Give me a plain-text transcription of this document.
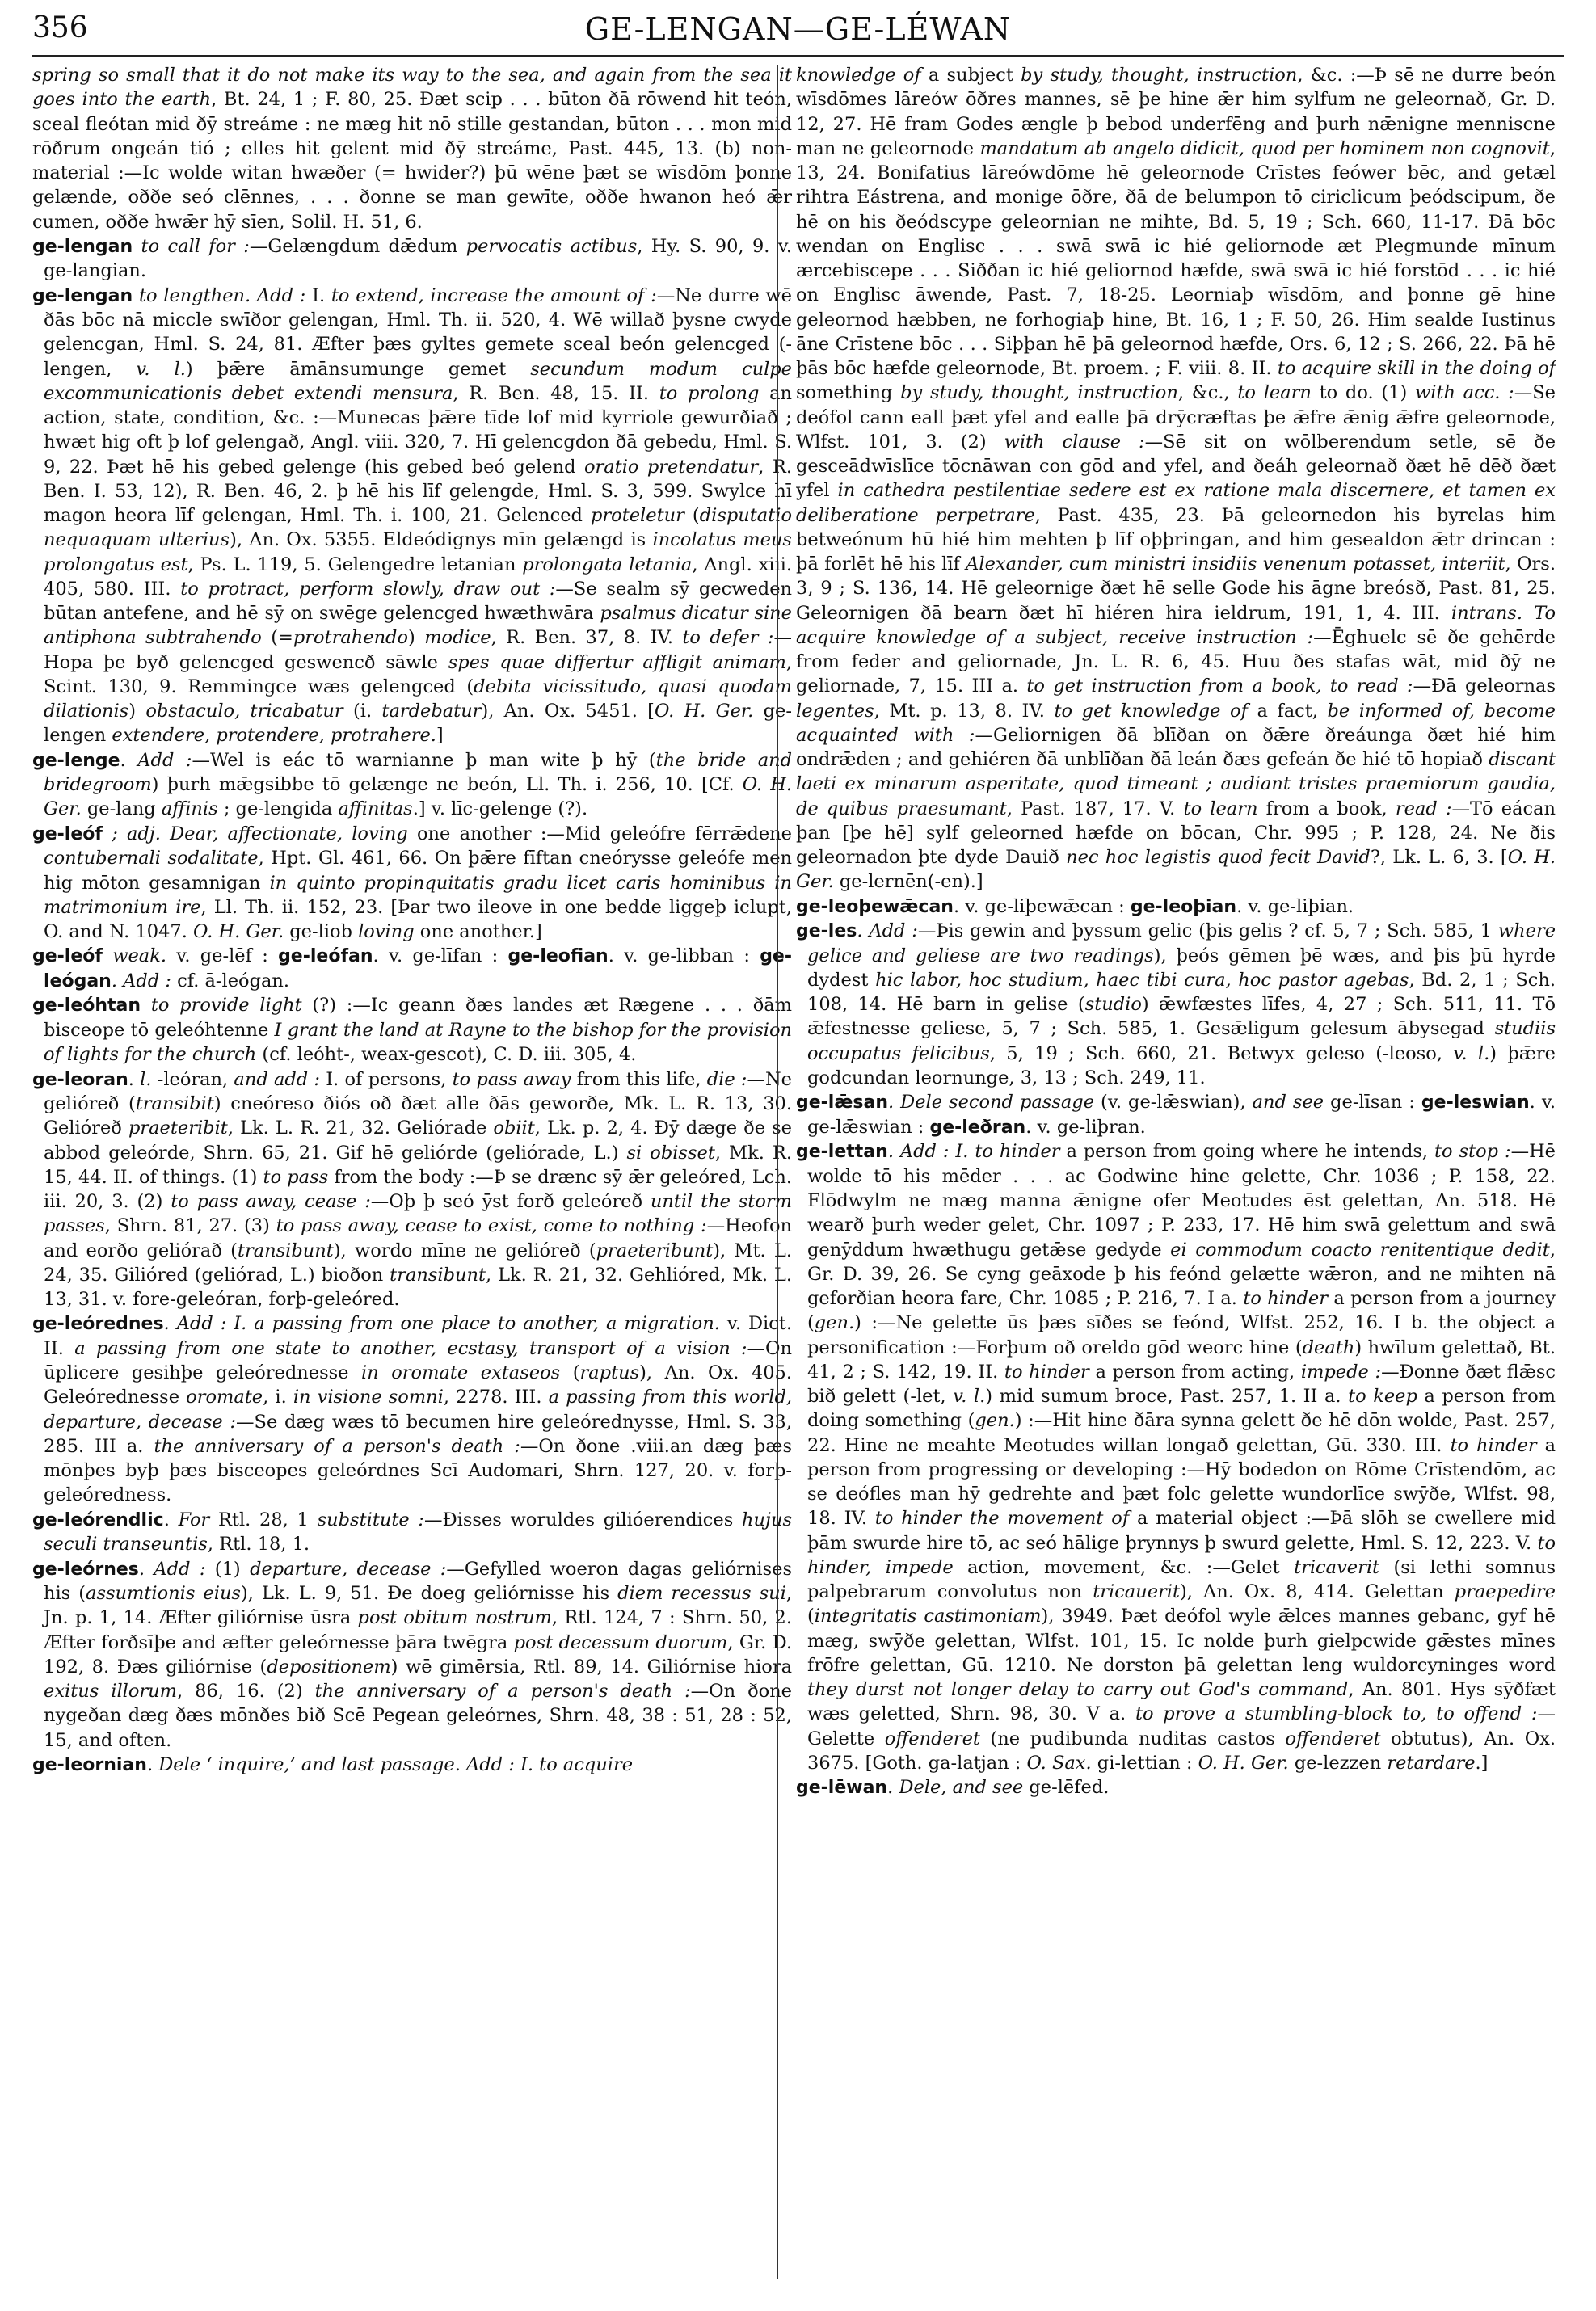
356	GE-LENGAN—GE-LÉWAN

spring so small that it do not make its way to the sea, and again from the sea it goes into the earth, Bt. 24, 1 ; F. 80, 25. Ðæt scip . . . būton ðā rōwend hit teón, sceal fleótan mid ðȳ streáme : ne mæg hit nō stille gestandan, būton . . . mon mid rōðrum ongeán tió ; elles hit gelent mid ðȳ streáme, Past. 445, 13. (b) non-material :—Ic wolde witan hwæðer (= hwider?) þū wēne þæt se wīsdōm þonne gelænde, oððe seó clēnnes, . . . ðonne se man gewīte, oððe hwanon heó ǣr cumen, oððe hwǣr hȳ sīen, Solil. H. 51, 6.

ge-lengan to call for :—Gelængdum dǣdum pervocatis actibus, Hy. S. 90, 9. v. ge-langian.

ge-lengan to lengthen. Add : I. to extend, increase the amount of :—Ne durre wē ðās bōc nā miccle swīðor gelengan, Hml. Th. ii. 520, 4. Wē willað þysne cwyde gelencgan, Hml. S. 24, 81. Æfter þæs gyltes gemete sceal beón gelencged (-lengen, v. l.) þǣre āmānsumunge gemet secundum modum culpe excommunicationis debet extendi mensura, R. Ben. 48, 15. II. to prolong an action, state, condition, &c. :—Munecas þǣre tīde lof mid kyrriole gewurðiað ; hwæt hig oft þ lof gelengað, Angl. viii. 320, 7. Hī gelencgdon ðā gebedu, Hml. S. 9, 22. Þæt hē his gebed gelenge (his gebed beó gelend oratio pretendatur, R. Ben. I. 53, 12), R. Ben. 46, 2. þ hē his līf gelengde, Hml. S. 3, 599. Swylce hī magon heora līf gelengan, Hml. Th. i. 100, 21. Gelenced proteletur (disputatio nequaquam ulterius), An. Ox. 5355. Eldeódignys mīn gelængd is incolatus meus prolongatus est, Ps. L. 119, 5. Gelengedre letanian prolongata letania, Angl. xiii. 405, 580. III. to protract, perform slowly, draw out :—Se sealm sȳ gecweden būtan antefene, and hē sȳ on swēge gelencged hwæthwāra psalmus dicatur sine antiphona subtrahendo (=protrahendo) modice, R. Ben. 37, 8. IV. to defer :—Hopa þe byð gelencged geswencð sāwle spes quae differtur affligit animam, Scint. 130, 9. Remmingce wæs gelengced (debita vicissitudo, quasi quodam dilationis) obstaculo, tricabatur (i. tardebatur), An. Ox. 5451. [O. H. Ger. ge-lengen extendere, protendere, protrahere.]

ge-lenge. Add :—Wel is eác tō warnianne þ man wite þ hȳ (the bride and bridegroom) þurh mǣgsibbe tō gelænge ne beón, Ll. Th. i. 256, 10. [Cf. O. H. Ger. ge-lang affinis ; ge-lengida affinitas.] v. līc-gelenge (?).

ge-leóf ; adj. Dear, affectionate, loving one another :—Mid geleófre fērrǣdene contubernali sodalitate, Hpt. Gl. 461, 66. On þǣre fīftan cneórysse geleófe men hig mōton gesamnigan in quinto propinquitatis gradu licet caris hominibus in matrimonium ire, Ll. Th. ii. 152, 23. [Þar two ileove in one bedde liggeþ iclupt, O. and N. 1047. O. H. Ger. ge-liob loving one another.]

ge-leóf weak. v. ge-lēf : ge-leófan. v. ge-līfan : ge-leofian. v. ge-libban : ge-leógan. Add : cf. ā-leógan.

ge-leóhtan to provide light (?) :—Ic geann ðæs landes æt Rægene . . . ðām bisceope tō geleóhtenne I grant the land at Rayne to the bishop for the provision of lights for the church (cf. leóht-, weax-gescot), C. D. iii. 305, 4.

ge-leoran. l. -leóran, and add : I. of persons, to pass away from this life, die :—Ne gelióreð (transibit) cneóreso ðiós oð ðæt alle ðās geworðe, Mk. L. R. 13, 30. Gelióreð praeteribit, Lk. L. R. 21, 32. Gelióradе obiit, Lk. p. 2, 4. Ðȳ dæge ðe se abbod geleórde, Shrn. 65, 21. Gif hē geliórde (gelióradе, L.) si obisset, Mk. R. 15, 44. II. of things. (1) to pass from the body :—Þ se drænc sȳ ǣr geleóred, Lch. iii. 20, 3. (2) to pass away, cease :—Oþ þ seó ȳst forð geleóreð until the storm passes, Shrn. 81, 27. (3) to pass away, cease to exist, come to nothing :—Heofon and eorðo geliórað (transibunt), wordo mīne ne gelióreð (praeteribunt), Mt. L. 24, 35. Gilióred (geliórad, L.) bioðon transibunt, Lk. R. 21, 32. Gehlióred, Mk. L. 13, 31. v. fore-geleóran, forþ-geleóred.

ge-leórednes. Add : I. a passing from one place to another, a migration. v. Dict. II. a passing from one state to another, ecstasy, transport of a vision :—On ūplicere gesihþe geleórednesse in oromate extaseos (raptus), An. Ox. 405. Geleórednesse oromate, i. in visione somni, 2278. III. a passing from this world, departure, decease :—Se dæg wæs tō becumen hire geleórednysse, Hml. S. 33, 285. III a. the anniversary of a person's death :—On ðone .viii.an dæg þæs mōnþes byþ þæs bisceopes geleórdnes Scī Audomari, Shrn. 127, 20. v. forþ-geleóredness.

ge-leórendlic. For Rtl. 28, 1 substitute :—Ðisses woruldes gilióerendices hujus seculi transeuntis, Rtl. 18, 1.

ge-leórnes. Add : (1) departure, decease :—Gefylled woeron dagas geliórnises his (assumtionis eius), Lk. L. 9, 51. Ðe doeg geliórnisse his diem recessus sui, Jn. p. 1, 14. Æfter giliórnise ūsra post obitum nostrum, Rtl. 124, 7 : Shrn. 50, 2. Æfter forðsīþe and æfter geleórnesse þāra twēgra post decessum duorum, Gr. D. 192, 8. Ðæs giliórnise (depositionem) wē gimērsia, Rtl. 89, 14. Giliórnise hiora exitus illorum, 86, 16. (2) the anniversary of a person's death :—On ðone nygeðan dæg ðæs mōnðes bið Scē Pegean geleórnes, Shrn. 48, 38 : 51, 28 : 52, 15, and often.

ge-leornian. Dele ‘ inquire,’ and last passage. Add : I. to acquire

knowledge of a subject by study, thought, instruction, &c. :—Þ sē ne durre beón wīsdōmes lāreów ōðres mannes, sē þe hine ǣr him sylfum ne geleornað, Gr. D. 12, 27. Hē fram Godes ængle þ bebod underfēng and þurh nǣnigne mennisсne man ne geleornode mandatum ab angelo didicit, quod per hominem non cognovit, 13, 24. Bonifatius lāreówdōme hē geleornode Crīstes feówer bēc, and getæl rihtra Eástrena, and monige ōðre, ðā de belumpon tō ciriclicum þeódscipum, ðe hē on his ðeódscype geleornian ne mihte, Bd. 5, 19 ; Sch. 660, 11-17. Ðā bōc wendan on Englisc . . . swā swā ic hié geliornode æt Plegmunde mīnum ærcebiscepe . . . Siððan ic hié geliornod hæfde, swā swā ic hié forstōd . . . ic hié on Englisc āwende, Past. 7, 18-25. Leorniaþ wīsdōm, and þonne gē hine geleornod hæbben, ne forhogiaþ hine, Bt. 16, 1 ; F. 50, 26. Him sealde Iustinus āne Crīstene bōc . . . Siþþan hē þā geleornod hæfde, Ors. 6, 12 ; S. 266, 22. Þā hē þās bōc hæfde geleornode, Bt. proem. ; F. viii. 8. II. to acquire skill in the doing of something by study, thought, instruction, &c., to learn to do. (1) with acc. :—Se deófol cann eall þæt yfel and ealle þā drȳcræftas þe ǣfre ǣnig ǣfre geleornode, Wlfst. 101, 3. (2) with clause :—Sē sit on wōlberendum setle, sē ðe gesceādwīslīce tōcnāwan con gōd and yfel, and ðeáh geleornað ðæt hē dēð ðæt yfel in cathedra pestilentiae sedere est ex ratione mala discernere, et tamen ex deliberatione perpetrare, Past. 435, 23. Þā geleornedon his byrelas him betweónum hū hié him mehten þ līf oþþringan, and him gesealdon ǣtr drincan : þā forlēt hē his līf Alexander, cum ministri insidiis venenum potasset, interiit, Ors. 3, 9 ; S. 136, 14. Hē geleornige ðæt hē selle Gode his āgne breósð, Past. 81, 25. Geleornigen ðā bearn ðæt hī hiéren hira ieldrum, 191, 1, 4. III. intrans. To acquire knowledge of a subject, receive instruction :—Ēghuelc sē ðe gehērde from feder and geliornade, Jn. L. R. 6, 45. Huu ðes stafas wāt, mid ðȳ ne geliornade, 7, 15. III a. to get instruction from a book, to read :—Ðā geleornas legentes, Mt. p. 13, 8. IV. to get knowledge of a fact, be informed of, become acquainted with :—Geliornigen ðā blīðan on ðǣre ðreáunga ðæt hié him ondrǣden ; and gehiéren ðā unblīðan ðā leán ðæs gefeán ðe hié tō hopiað discant laeti ex minarum asperitate, quod timeant ; audiant tristes praemiorum gaudia, de quibus praesumant, Past. 187, 17. V. to learn from a book, read :—Tō eácan þan [þe hē] sylf geleorned hæfde on bōcan, Chr. 995 ; P. 128, 24. Ne ðis geleornadon þte dyde Dauið nec hoc legistis quod fecit David?, Lk. L. 6, 3. [O. H. Ger. ge-lernēn(-en).]

ge-leoþewǣcan. v. ge-liþewǣcan : ge-leoþian. v. ge-liþian.

ge-les. Add :—Þis gewin and þyssum gelic (þis gelis ? cf. 5, 7 ; Sch. 585, 1 where gelice and geliese are two readings), þeós gēmen þē wæs, and þis þū hyrde dydest hic labor, hoc studium, haec tibi cura, hoc pastor agebas, Bd. 2, 1 ; Sch. 108, 14. Hē barn in gelise (studio) ǣwfæstes līfes, 4, 27 ; Sch. 511, 11. Tō ǣfestnesse geliese, 5, 7 ; Sch. 585, 1. Gesǣligum gelesum ābysegad studiis occupatus felicibus, 5, 19 ; Sch. 660, 21. Betwyx geleso (-leoso, v. l.) þǣre godcundan leornunge, 3, 13 ; Sch. 249, 11.

ge-lǣsan. Dele second passage (v. ge-lǣswian), and see ge-līsan : ge-leswian. v. ge-lǣswian : ge-leðran. v. ge-liþran.

ge-lettan. Add : I. to hinder a person from going where he intends, to stop :—Hē wolde tō his mēder . . . ac Godwine hine gelette, Chr. 1036 ; P. 158, 22. Flōdwylm ne mæg manna ǣnigne ofer Meotudes ēst gelettan, An. 518. Hē wearð þurh weder gelet, Chr. 1097 ; P. 233, 17. Hē him swā gelettum and swā genȳddum hwæthugu getǣse gedyde ei commodum coacto renitentique dedit, Gr. D. 39, 26. Se cyng geāxode þ his feónd gelætte wǣron, and ne mihten nā geforðian heora fare, Chr. 1085 ; P. 216, 7. I a. to hinder a person from a journey (gen.) :—Ne gelette ūs þæs sīðes se feónd, Wlfst. 252, 16. I b. the object a personification :—Forþum oð oreldo gōd weorc hine (death) hwīlum gelettað, Bt. 41, 2 ; S. 142, 19. II. to hinder a person from acting, impede :—Ðonne ðæt flǣsc bið gelett (-let, v. l.) mid sumum broce, Past. 257, 1. II a. to keep a person from doing something (gen.) :—Hit hine ðāra synna gelett ðe hē dōn wolde, Past. 257, 22. Hine ne meahte Meotudes willan longað gelettan, Gū. 330. III. to hinder a person from progressing or developing :—Hȳ bodedon on Rōme Crīstendōm, ac se deófles man hȳ gedrehte and þæt folc gelette wundorlīce swȳðe, Wlfst. 98, 18. IV. to hinder the movement of a material object :—Þā slōh se cwellere mid þām swurde hire tō, ac seó hālige þrynnys þ swurd gelette, Hml. S. 12, 223. V. to hinder, impede action, movement, &c. :—Gelet tricaverit (si lethi somnus palpebrarum convolutus non tricauerit), An. Ox. 8, 414. Gelettan praepedire (integritatis castimoniam), 3949. Þæt deófol wyle ǣlces mannes gebanc, gyf hē mæg, swȳðe gelettan, Wlfst. 101, 15. Ic nolde þurh gielpcwide gǣstes mīnes frōfre gelettan, Gū. 1210. Ne dorston þā gelettan leng wuldorcyninges word they durst not longer delay to carry out God's command, An. 801. Hys sȳðfæt wæs geletted, Shrn. 98, 30. V a. to prove a stumbling-block to, to offend :—Gelette offenderet (ne pudibunda nuditas castos offenderet obtutus), An. Ox. 3675. [Goth. ga-latjan : O. Sax. gi-lettian : O. H. Ger. ge-lezzen retardare.]

ge-lēwan. Dele, and see ge-lēfed.
